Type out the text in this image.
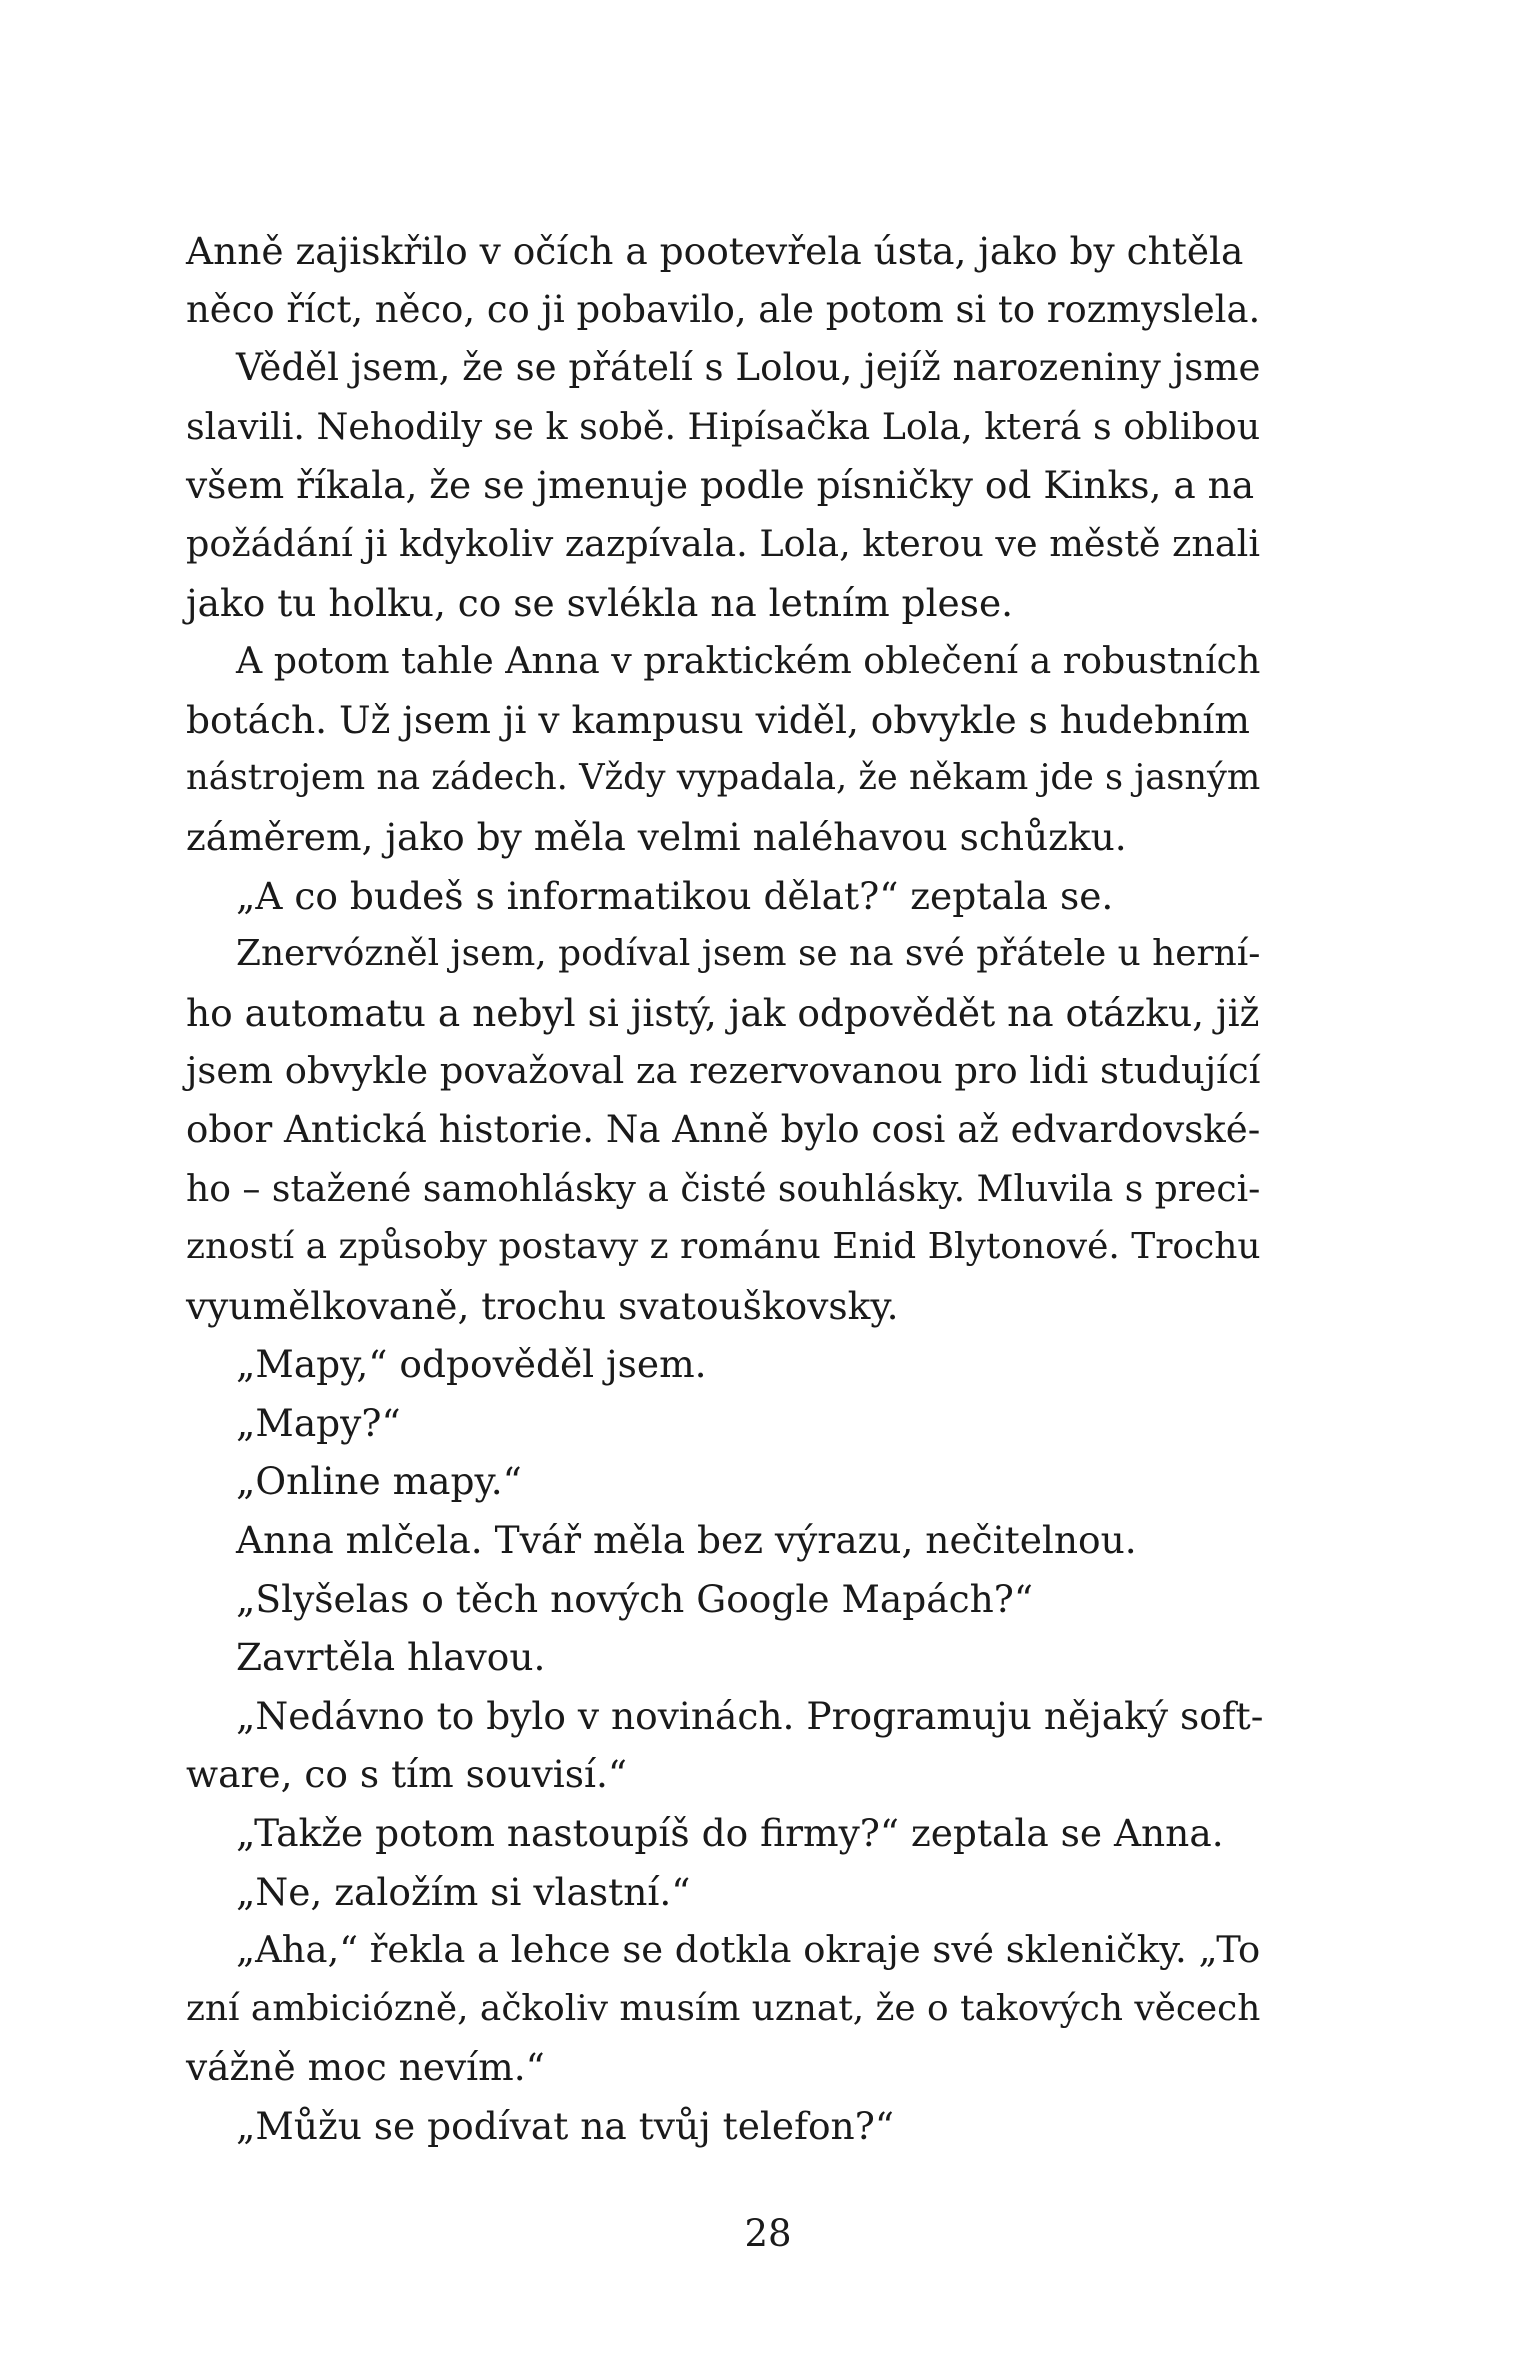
Anně zajiskřilo v očích a pootevřela ústa, jako by chtěla
něco říct, něco, co ji pobavilo, ale potom si to rozmyslela.
Věděl jsem, že se přátelí s Lolou, jejíž narozeniny jsme
slavili. Nehodily se k sobě. Hipísačka Lola, která s oblibou
všem říkala, že se jmenuje podle písničky od Kinks, a na
požádání ji kdykoliv zazpívala. Lola, kterou ve městě znali
jako tu holku, co se svlékla na letním plese.
A potom tahle Anna v praktickém oblečení a robustních
botách. Už jsem ji v kampusu viděl, obvykle s hudebním
nástrojem na zádech. Vždy vypadala, že někam jde s jasným
záměrem, jako by měla velmi naléhavou schůzku.
„A co budeš s informatikou dělat?“ zeptala se.
Znervózněl jsem, podíval jsem se na své přátele u herní-
ho automatu a nebyl si jistý, jak odpovědět na otázku, již
jsem obvykle považoval za rezervovanou pro lidi studující
obor Antická historie. Na Anně bylo cosi až edvardovské-
ho – stažené samohlásky a čisté souhlásky. Mluvila s preci-
zností a způsoby postavy z románu Enid Blytonové. Trochu
vyumělkovaně, trochu svatouškovsky.
„Mapy,“ odpověděl jsem.
„Mapy?“
„Online mapy.“
Anna mlčela. Tvář měla bez výrazu, nečitelnou.
„Slyšelas o těch nových Google Mapách?“
Zavrtěla hlavou.
„Nedávno to bylo v novinách. Programuju nějaký soft-
ware, co s tím souvisí.“
„Takže potom nastoupíš do firmy?“ zeptala se Anna.
„Ne, založím si vlastní.“
„Aha,“ řekla a lehce se dotkla okraje své skleničky. „To
zní ambiciózně, ačkoliv musím uznat, že o takových věcech
vážně moc nevím.“
„Můžu se podívat na tvůj telefon?“
28
